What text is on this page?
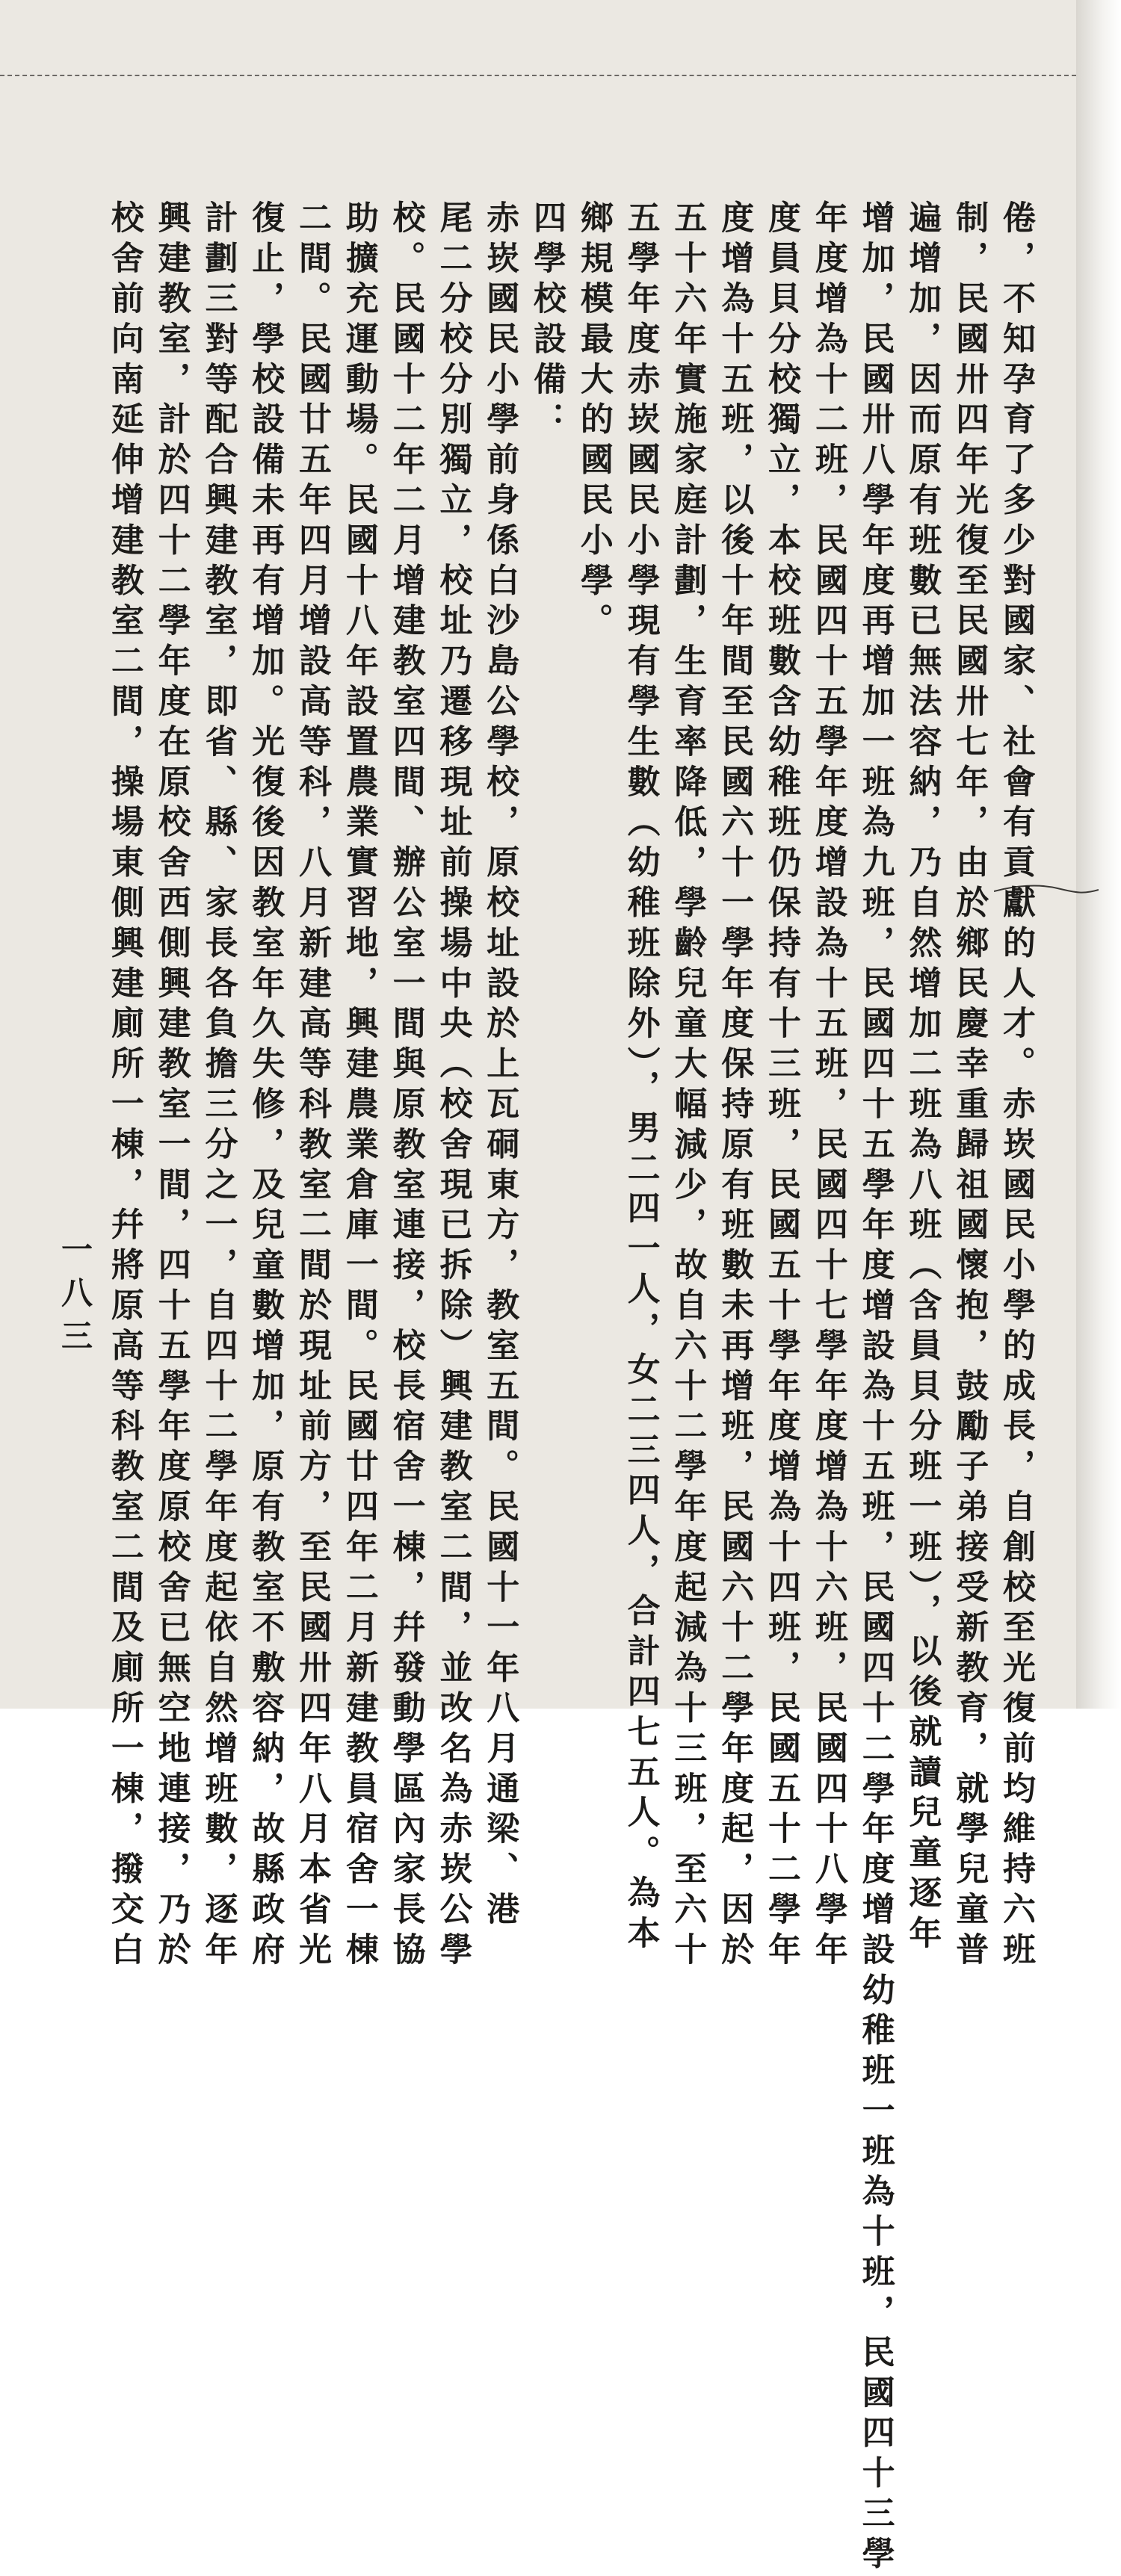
倦，不知孕育了多少對國家、社會有貢獻的人才。赤崁國民小學的成長，自創校至光復前均維持六班
制，民國卅四年光復至民國卅七年，由於鄉民慶幸重歸祖國懷抱，鼓勵子弟接受新教育，就學兒童普
遍增加，因而原有班數已無法容納，乃自然增加二班為八班（含員貝分班一班），以後就讀兒童逐年
增加，民國卅八學年度再增加一班為九班，民國四十五學年度增設為十五班，民國四十二學年度增設幼稚班一班為十班，民國四十三學
年度增為十二班，民國四十五學年度增設為十五班，民國四十七學年度增為十六班，民國四十八學年
度員貝分校獨立，本校班數含幼稚班仍保持有十三班，民國五十學年度增為十四班，民國五十二學年
度增為十五班，以後十年間至民國六十一學年度保持原有班數未再增班，民國六十二學年度起，因於
五十六年實施家庭計劃，生育率降低，學齡兒童大幅減少，故自六十二學年度起減為十三班，至六十
五學年度赤崁國民小學現有學生數（幼稚班除外），男二四一人，女二三四人，合計四七五人。為本
鄉規模最大的國民小學。

四學校設備：

赤崁國民小學前身係白沙島公學校，原校址設於上瓦硐東方，教室五間。民國十一年八月通梁、港
尾二分校分別獨立，校址乃遷移現址前操場中央（校舍現已拆除）興建教室二間，並改名為赤崁公學
校。民國十二年二月增建教室四間、辦公室一間與原教室連接，校長宿舍一棟，幷發動學區內家長協
助擴充運動場。民國十八年設置農業實習地，興建農業倉庫一間。民國廿四年二月新建教員宿舍一棟
二間。民國廿五年四月增設高等科，八月新建高等科教室二間於現址前方，至民國卅四年八月本省光
復止，學校設備未再有增加。光復後因教室年久失修，及兒童數增加，原有教室不敷容納，故縣政府
計劃三對等配合興建教室，即省、縣、家長各負擔三分之一，自四十二學年度起依自然增班數，逐年
興建教室，計於四十二學年度在原校舍西側興建教室一間，四十五學年度原校舍已無空地連接，乃於
校舍前向南延伸增建教室二間，操場東側興建廁所一棟，幷將原高等科教室二間及廁所一棟，撥交白

一八三
